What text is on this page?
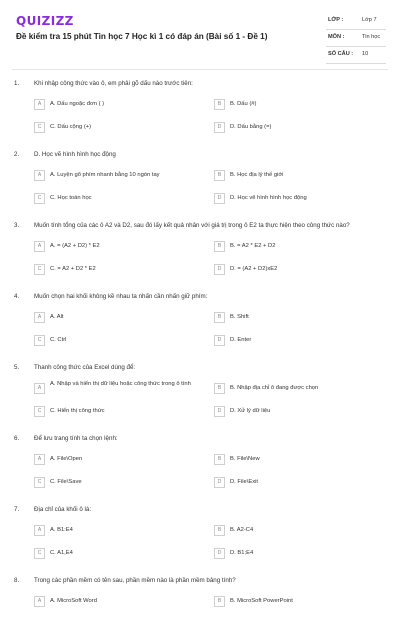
QUIZIZZ
Đề kiểm tra 15 phút Tin học 7 Học kì 1 có đáp án (Bài số 1 - Đề 1)
LỚP :	Lớp 7
MÔN :	Tin học
SỐ CÂU : 10
1. Khi nhập công thức vào ô, em phải gõ dấu nào trước tiên:
A	A. Dấu ngoặc đơn ( )	B	B. Dấu (#)
C	C. Dấu cộng (+)	D	D. Dấu bằng (=)
2. D. Học vẽ hình hình học động
A	A. Luyện gõ phím nhanh bằng 10 ngón tay	B	B. Học địa lý thế giới
C	C. Học toán học	D	D. Học vẽ hình hình học động
3. Muốn tính tổng của các ô A2 và D2, sau đó lấy kết quả nhân với giá trị trong ô E2 ta thực hiện theo công thức nào?
A	A. = (A2 + D2) * E2	B	B. = A2 * E2 + D2
C	C. = A2 + D2 * E2	D	D. = (A2 + D2)xE2
4. Muốn chọn hai khối không kề nhau ta nhấn cần nhấn giữ phím:
A	A. Alt	B	B. Shift
C	C. Ctrl	D	D. Enter
5. Thanh công thức của Excel dùng để:
A
A. Nhập và hiển thị dữ liệu hoặc công thức trong ô tính
B	B. Nhập địa chỉ ô đang được chọn
C	C. Hiển thị công thức	D	D. Xử lý dữ liệu
6. Để lưu trang tính ta chọn lệnh:
A	A. File\Open	B	B. File\New
C	C. File\Save	D	D. File\Exit
7. Địa chỉ của khối ô là:
A	A. B1:E4	B	B. A2-C4
C	C. A1,E4	D	D. B1;E4
8. Trong các phần mềm có tên sau, phần mềm nào là phần mềm bảng tính?
A	A. MicroSoft Word	B	B. MicroSoft PowerPoint
